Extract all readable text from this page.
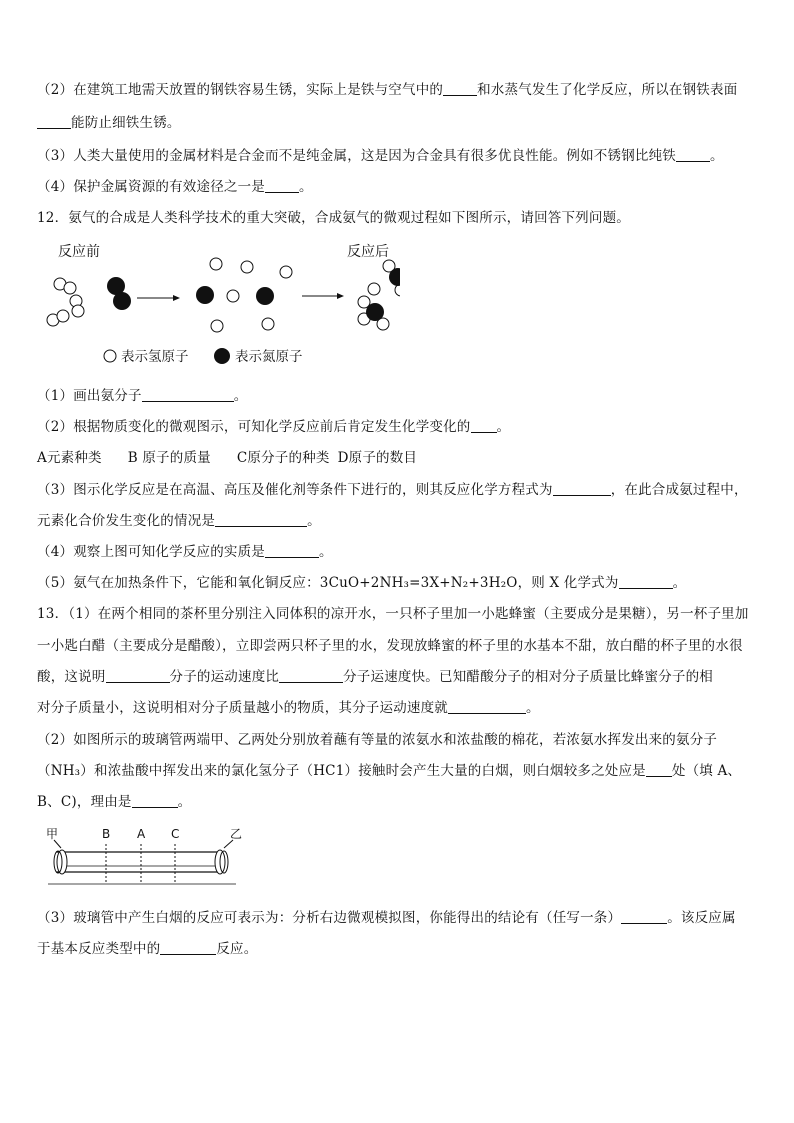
（2）在建筑工地需天放置的钢铁容易生锈，实际上是铁与空气中的	和水蒸气发生了化学反应，所以在钢铁表面
能防止细铁生锈。
（3）人类大量使用的金属材料是合金而不是纯金属，这是因为合金具有很多优良性能。例如不锈钢比纯铁	。
（4）保护金属资源的有效途径之一是	。
12．氨气的合成是人类科学技术的重大突破，合成氨气的微观过程如下图所示，请回答下列问题。
反应前	反应后
表示氢原子	表示氮原子
（1）画出氨分子	。
（2）根据物质变化的微观图示，可知化学反应前后肯定发生化学变化的 。
A元素种类 B 原子的质量 C原分子的种类 D原子的数目
（3）图示化学反应是在高温、高压及催化剂等条件下进行的，则其反应化学方程式为	，在此合成氨过程中，
元素化合价发生变化的情况是	。
（4）观察上图可知化学反应的实质是	。
（5）氨气在加热条件下，它能和氧化铜反应：3CuO+2NH₃=3X+N₂+3H₂O，则 X 化学式为	。
13．（1）在两个相同的茶杯里分别注入同体积的凉开水，一只杯子里加一小匙蜂蜜（主要成分是果糖），另一杯子里加
一小匙白醋（主要成分是醋酸），立即尝两只杯子里的水，发现放蜂蜜的杯子里的水基本不甜，放白醋的杯子里的水很
酸，这说明	分子的运动速度比	分子运速度快。已知醋酸分子的相对分子质量比蜂蜜分子的相
对分子质量小，这说明相对分子质量越小的物质，其分子运动速度就	。
（2）如图所示的玻璃管两端甲、乙两处分别放着蘸有等量的浓氨水和浓盐酸的棉花，若浓氨水挥发出来的氨分子
（NH₃）和浓盐酸中挥发出来的氯化氢分子（HC1）接触时会产生大量的白烟，则白烟较多之处应是 处（填 A、
B、C)，理由是	。
甲	B A C	乙
（3）玻璃管中产生白烟的反应可表示为：分析右边微观模拟图，你能得出的结论有（任写一条）	。该反应属
于基本反应类型中的	反应。
